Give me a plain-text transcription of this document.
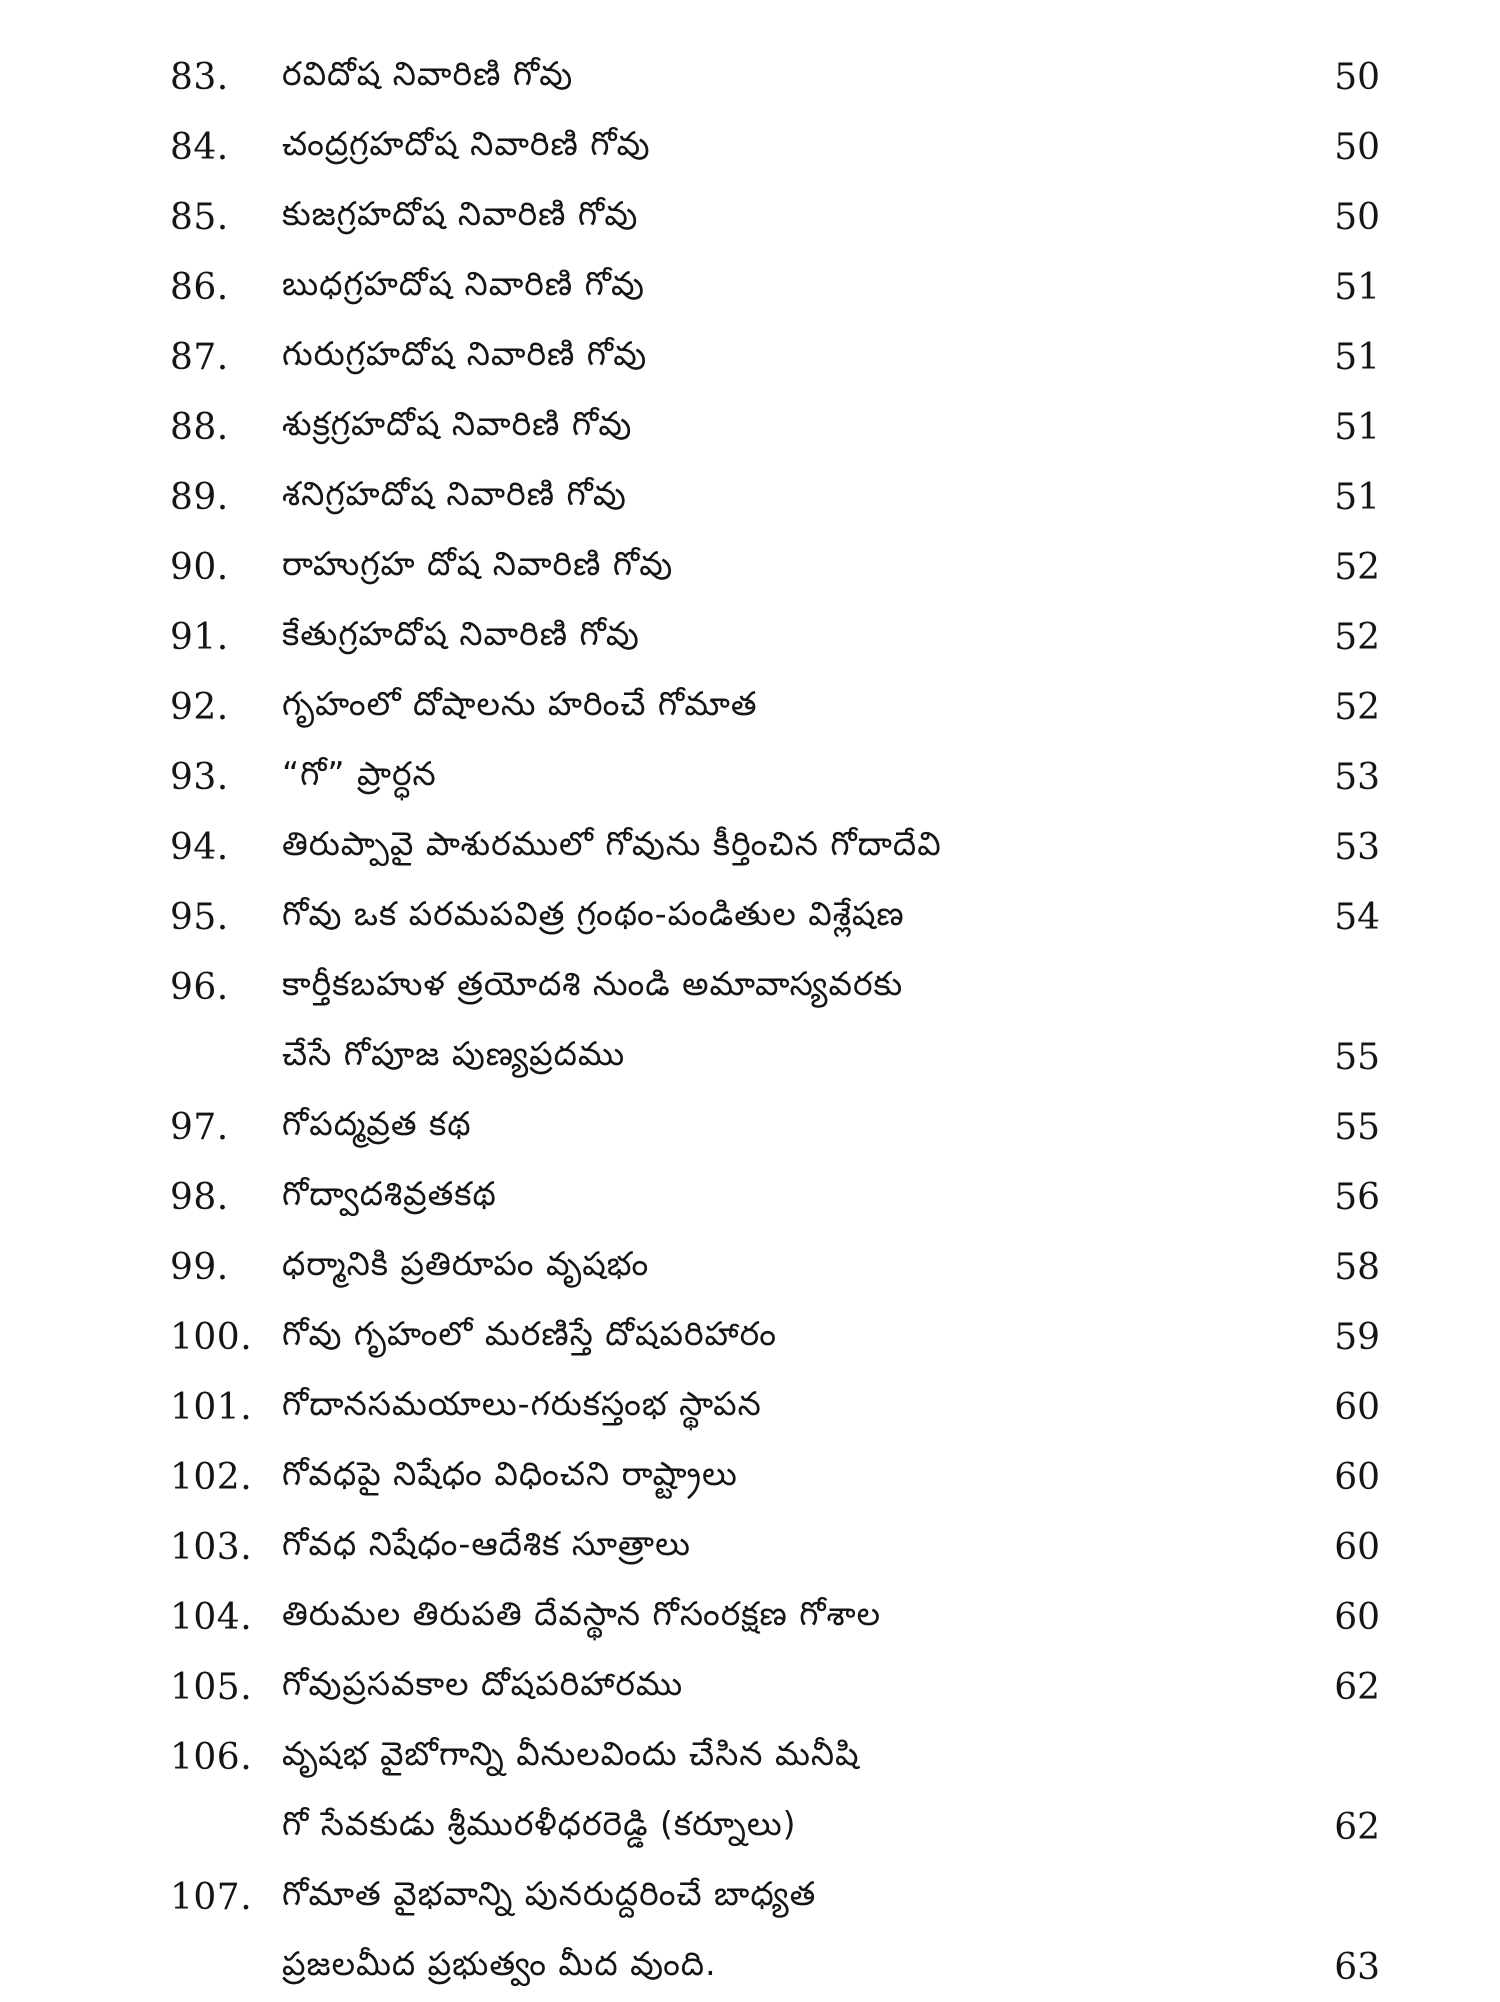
83.	రవిదోష నివారిణి గోవు	50
84.	చంద్రగ్రహదోష నివారిణి గోవు	50
85.	కుజగ్రహదోష నివారిణి గోవు	50
86.	బుధగ్రహదోష నివారిణి గోవు	51
87.	గురుగ్రహదోష నివారిణి గోవు	51
88.	శుక్రగ్రహదోష నివారిణి గోవు	51
89.	శనిగ్రహదోష నివారిణి గోవు	51
90.	రాహుగ్రహ దోష నివారిణి గోవు	52
91.	కేతుగ్రహదోష నివారిణి గోవు	52
92.	గృహంలో దోషాలను హరించే గోమాత	52
93.	“గో” ప్రార్ధన	53
94.	తిరుప్పావై పాశురములో గోవును కీర్తించిన గోదాదేవి	53
95.	గోవు ఒక పరమపవిత్ర గ్రంథం-పండితుల విశ్లేషణ	54
96.	కార్తీకబహుళ త్రయోదశి నుండి అమావాస్యవరకు
చేసే గోపూజ పుణ్యప్రదము	55
97.	గోపద్మవ్రత కథ	55
98.	గోద్వాదశివ్రతకథ	56
99.	ధర్మానికి ప్రతిరూపం వృషభం	58
100. గోవు గృహంలో మరణిస్తే దోషపరిహారం	59
101. గోదానసమయాలు-గరుకస్తంభ స్థాపన	60
102. గోవధపై నిషేధం విధించని రాష్ట్రాలు	60
103. గోవధ నిషేధం-ఆదేశిక సూత్రాలు	60
104. తిరుమల తిరుపతి దేవస్థాన గోసంరక్షణ గోశాల	60
105. గోవుప్రసవకాల దోషపరిహారము	62
106. వృషభ వైబోగాన్ని వీనులవిందు చేసిన మనీషి
గో సేవకుడు శ్రీమురళీధరరెడ్డి (కర్నూలు)	62
107. గోమాత వైభవాన్ని పునరుద్దరించే బాధ్యత
ప్రజలమీద ప్రభుత్వం మీద వుంది.	63
